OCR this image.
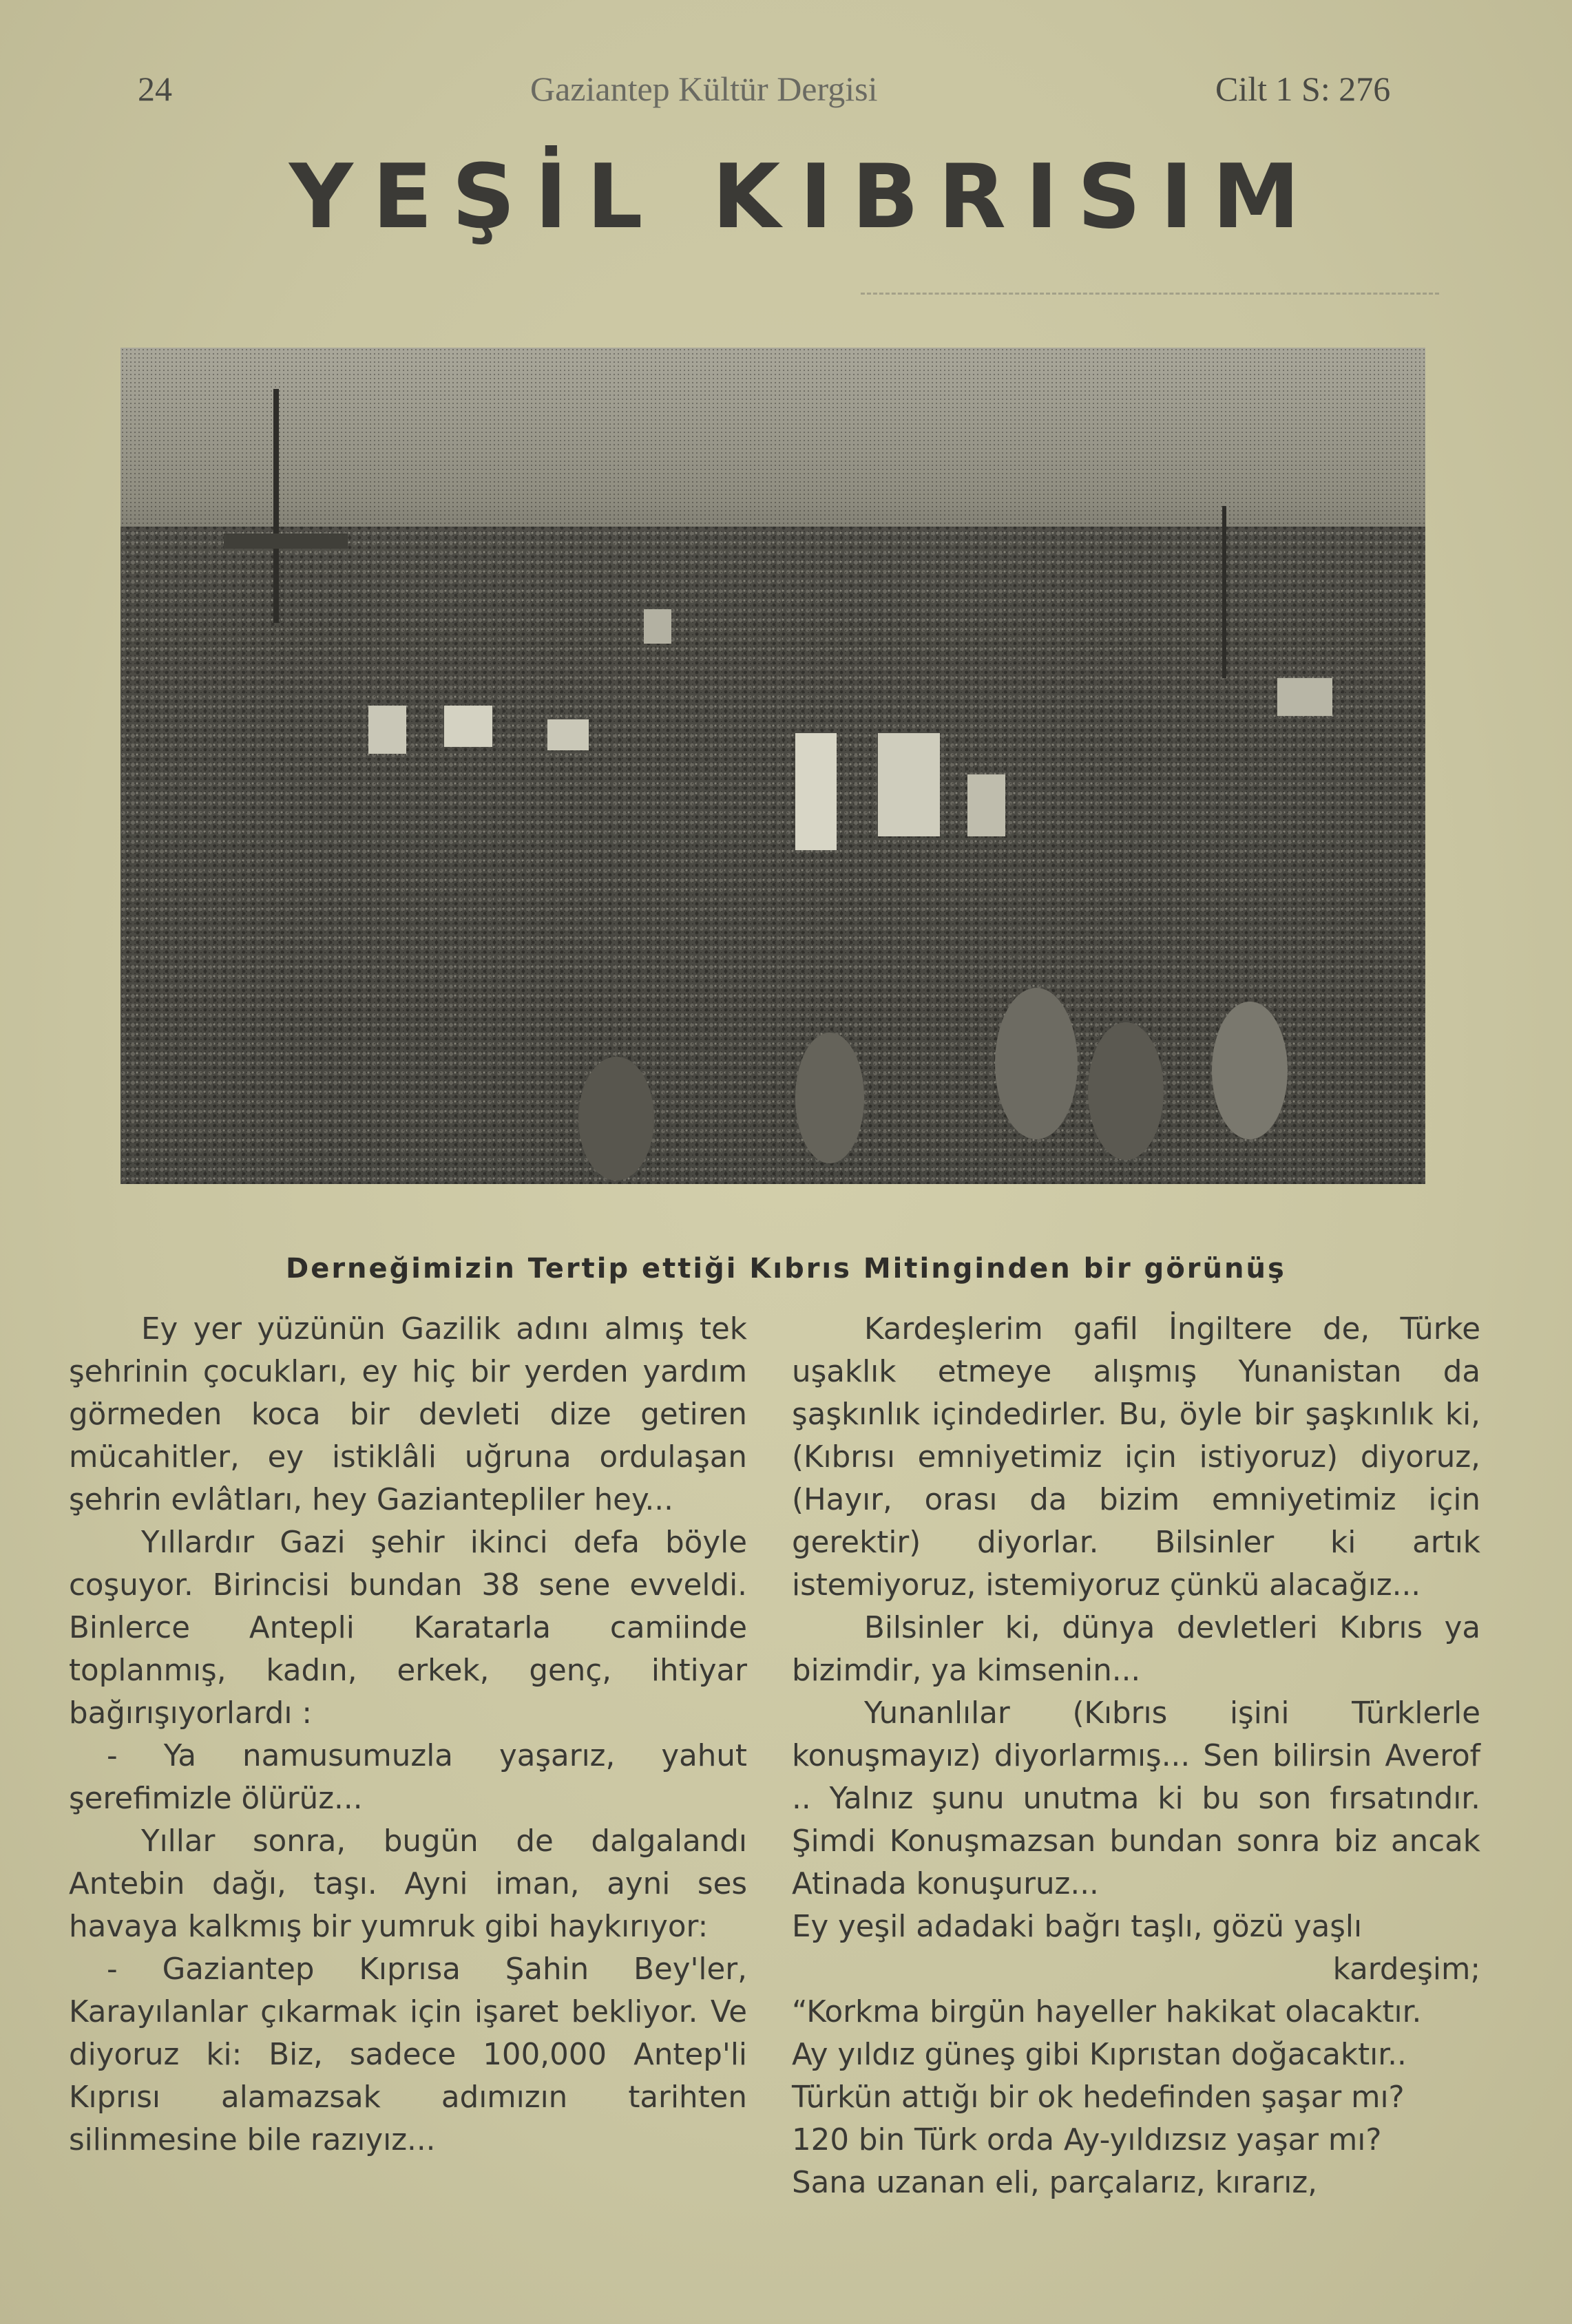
24	Gaziantep Kültür Dergisi	Cilt 1 S: 276
YEŞİL KIBRISIM
Derneğimizin Tertip ettiği Kıbrıs Mitinginden bir görünüş

Ey yer yüzünün Gazilik adını almış tek şehrinin çocukları, ey hiç bir yerden yardım görmeden koca bir devleti dize getiren mücahitler, ey istiklâli uğruna ordulaşan şehrin evlâtları, hey Gaziantepliler hey...

Yıllardır Gazi şehir ikinci defa böyle coşuyor. Birincisi bundan 38 sene evveldi. Binlerce Antepli Karatarla camiinde toplanmış, kadın, erkek, genç, ihtiyar bağırışıyorlardı :

- Ya namusumuzla yaşarız, yahut şerefimizle ölürüz...

Yıllar sonra, bugün de dalgalandı Antebin dağı, taşı. Ayni iman, ayni ses havaya kalkmış bir yumruk gibi haykırıyor:

- Gaziantep Kıprısa Şahin Bey'ler, Karayılanlar çıkarmak için işaret bekliyor. Ve diyoruz ki: Biz, sadece 100,000 Antep'li Kıprısı alamazsak adımızın tarihten silinmesine bile razıyız...

Kardeşlerim gafil İngiltere de, Türke uşaklık etmeye alışmış Yunanistan da şaşkınlık içindedirler. Bu, öyle bir şaşkınlık ki, (Kıbrısı emniyetimiz için istiyoruz) diyoruz, (Hayır, orası da bizim emniyetimiz için gerektir) diyorlar. Bilsinler ki artık istemiyoruz, istemiyoruz çünkü alacağız...

Bilsinler ki, dünya devletleri Kıbrıs ya bizimdir, ya kimsenin...

Yunanlılar (Kıbrıs işini Türklerle konuşmayız) diyorlarmış... Sen bilirsin Averof .. Yalnız şunu unutma ki bu son fırsatındır. Şimdi Konuşmazsan bundan sonra biz ancak Atinada konuşuruz...

Ey yeşil adadaki bağrı taşlı, gözü yaşlı

kardeşim;

“Korkma birgün hayeller hakikat olacaktır.

Ay yıldız güneş gibi Kıprıstan doğacaktır..

Türkün attığı bir ok hedefinden şaşar mı?

120 bin Türk orda Ay-yıldızsız yaşar mı?

Sana uzanan eli, parçalarız, kırarız,
